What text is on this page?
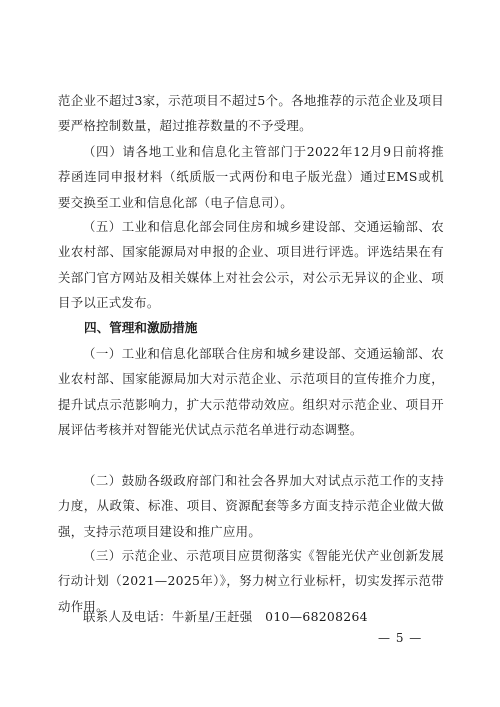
范企业不超过3家，示范项目不超过5个。各地推荐的示范企业及项目要严格控制数量，超过推荐数量的不予受理。

（四）请各地工业和信息化主管部门于2022年12月9日前将推荐函连同申报材料（纸质版一式两份和电子版光盘）通过EMS或机要交换至工业和信息化部（电子信息司）。

（五）工业和信息化部会同住房和城乡建设部、交通运输部、农业农村部、国家能源局对申报的企业、项目进行评选。评选结果在有关部门官方网站及相关媒体上对社会公示，对公示无异议的企业、项目予以正式发布。

四、管理和激励措施

（一）工业和信息化部联合住房和城乡建设部、交通运输部、农业农村部、国家能源局加大对示范企业、示范项目的宣传推介力度，提升试点示范影响力，扩大示范带动效应。组织对示范企业、项目开展评估考核并对智能光伏试点示范名单进行动态调整。

（二）鼓励各级政府部门和社会各界加大对试点示范工作的支持力度，从政策、标准、项目、资源配套等多方面支持示范企业做大做强，支持示范项目建设和推广应用。

（三）示范企业、示范项目应贯彻落实《智能光伏产业创新发展行动计划（2021—2025年）》，努力树立行业标杆，切实发挥示范带动作用。

联系人及电话：牛新星/王赶强　010—68208264

— 5 —
